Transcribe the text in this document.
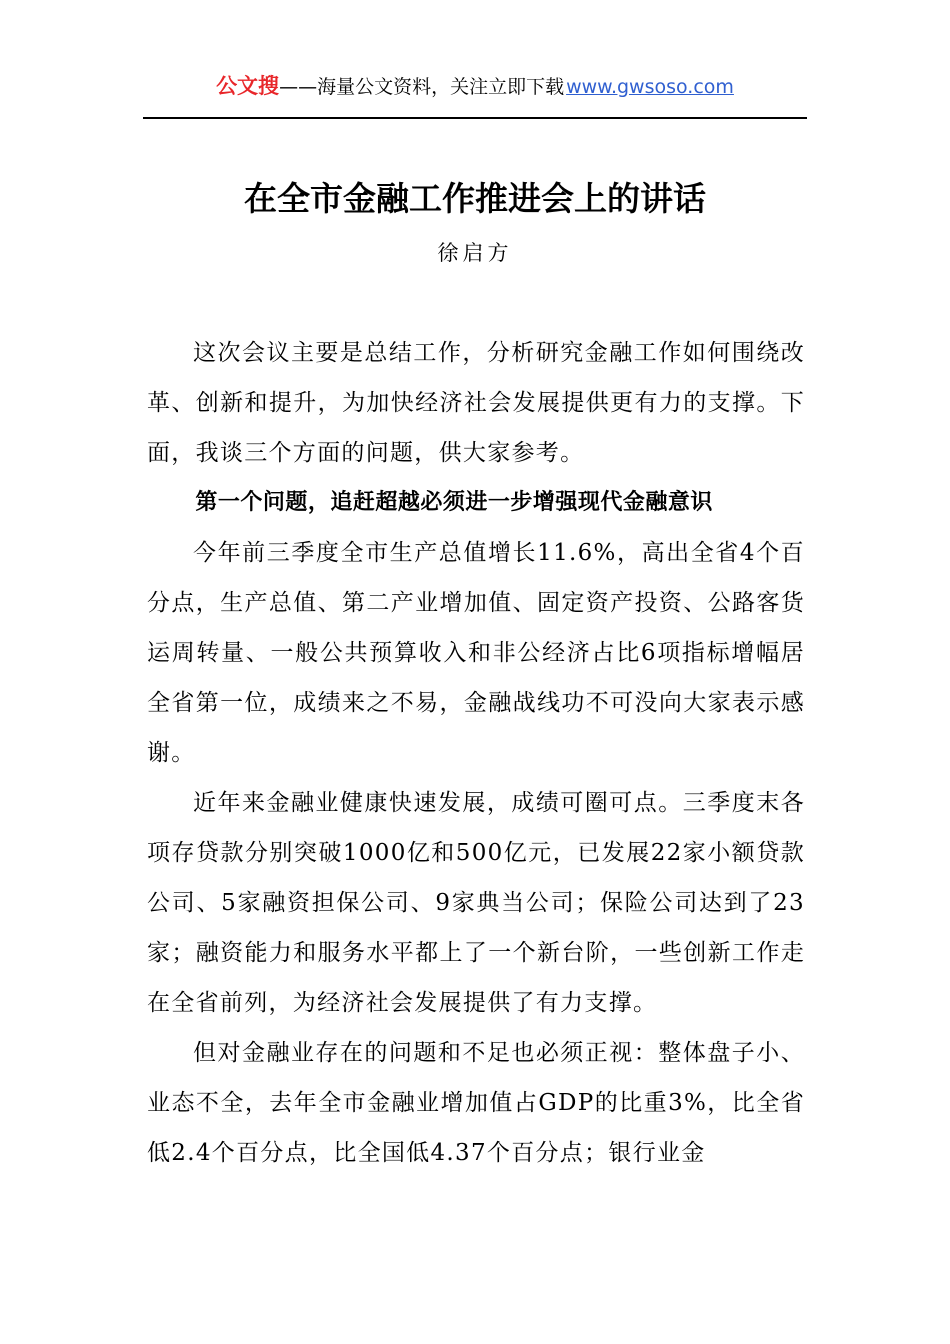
公文搜——海量公文资料，关注立即下载 www.gwsoso.com
在全市金融工作推进会上的讲话
徐启方

这次会议主要是总结工作，分析研究金融工作如何围绕改革、创新和提升，为加快经济社会发展提供更有力的支撑。下面，我谈三个方面的问题，供大家参考。

第一个问题，追赶超越必须进一步增强现代金融意识

今年前三季度全市生产总值增长11.6%，高出全省4个百分点，生产总值、第二产业增加值、固定资产投资、公路客货运周转量、一般公共预算收入和非公经济占比6项指标增幅居全省第一位，成绩来之不易，金融战线功不可没向大家表示感谢。

近年来金融业健康快速发展，成绩可圈可点。三季度末各项存贷款分别突破1000亿和500亿元，已发展22家小额贷款公司、5家融资担保公司、9家典当公司；保险公司达到了23家；融资能力和服务水平都上了一个新台阶，一些创新工作走在全省前列，为经济社会发展提供了有力支撑。

但对金融业存在的问题和不足也必须正视：整体盘子小、业态不全，去年全市金融业增加值占GDP的比重3%，比全省低2.4个百分点，比全国低4.37个百分点；银行业金
